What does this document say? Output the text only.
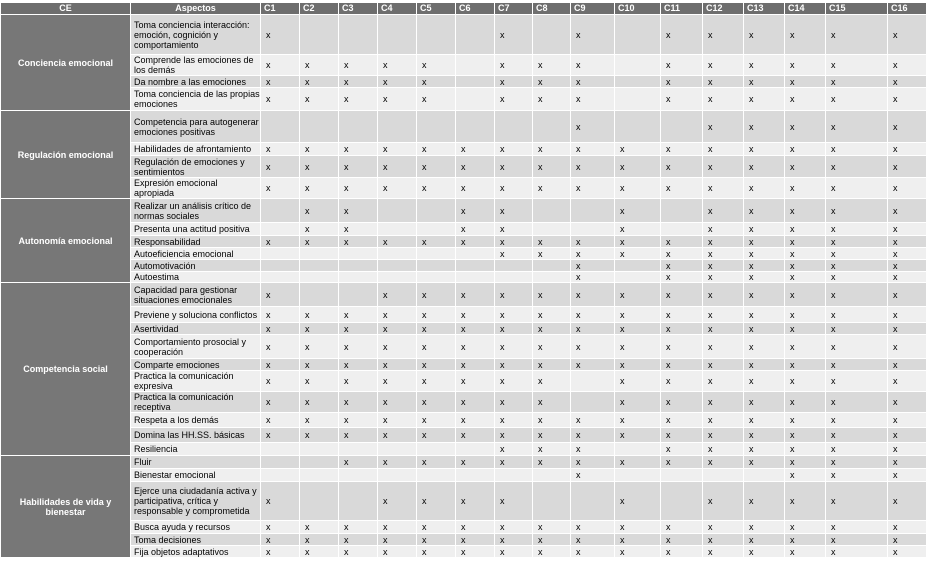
CE	Aspectos	C1	C2	C3	C4	C5	C6	C7	C8	C9	C10	C11	C12	C13	C14	C15	C16
Conciencia emocional	Toma conciencia interacción: emoción, cognición y comportamiento	x						x		x		x	x	x	x	x	x
	Comprende las emociones de los demás	x	x	x	x	x		x	x	x		x	x	x	x	x	x
	Da nombre a las emociones	x	x	x	x	x		x	x	x		x	x	x	x	x	x
	Toma conciencia de las propias emociones	x	x	x	x	x		x	x	x		x	x	x	x	x	x
Regulación emocional	Competencia para autogenerar emociones positivas									x			x	x	x	x	x
	Habilidades de afrontamiento	x	x	x	x	x	x	x	x	x	x	x	x	x	x	x	x
	Regulación de emociones y sentimientos	x	x	x	x	x	x	x	x	x	x	x	x	x	x	x	x
	Expresión emocional apropiada	x	x	x	x	x	x	x	x	x	x	x	x	x	x	x	x
Autonomía emocional	Realizar un análisis crítico de normas sociales		x	x			x	x			x		x	x	x	x	x
	Presenta una actitud positiva		x	x			x	x			x		x	x	x	x	x
	Responsabilidad	x	x	x	x	x	x	x	x	x	x	x	x	x	x	x	x
	Autoeficiencia emocional							x	x	x	x	x	x	x	x	x	x
	Automotivación									x		x	x	x	x	x	x
	Autoestima									x		x	x	x	x	x	x
Competencia social	Capacidad para gestionar situaciones emocionales	x			x	x	x	x	x	x	x	x	x	x	x	x	x
	Previene y soluciona conflictos	x	x	x	x	x	x	x	x	x	x	x	x	x	x	x	x
	Asertividad	x	x	x	x	x	x	x	x	x	x	x	x	x	x	x	x
	Comportamiento prosocial y cooperación	x	x	x	x	x	x	x	x	x	x	x	x	x	x	x	x
	Comparte emociones	x	x	x	x	x	x	x	x	x	x	x	x	x	x	x	x
	Practica la comunicación expresiva	x	x	x	x	x	x	x	x		x	x	x	x	x	x	x
	Practica la comunicación receptiva	x	x	x	x	x	x	x	x		x	x	x	x	x	x	x
	Respeta a los demás	x	x	x	x	x	x	x	x	x	x	x	x	x	x	x	x
	Domina las HH.SS. básicas	x	x	x	x	x	x	x	x	x	x	x	x	x	x	x	x
	Resiliencia							x	x	x		x	x	x	x	x	x
Habilidades de vida y bienestar	Fluir			x	x	x	x	x	x	x	x	x	x	x	x	x	x
	Bienestar emocional									x					x	x	x
	Ejerce una ciudadanía activa y participativa, crítica y responsable y comprometida	x			x	x	x	x			x		x	x	x	x	x
	Busca ayuda y recursos	x	x	x	x	x	x	x	x	x	x	x	x	x	x	x	x
	Toma decisiones	x	x	x	x	x	x	x	x	x	x	x	x	x	x	x	x
	Fija objetos adaptativos	x	x	x	x	x	x	x	x	x	x	x	x	x	x	x	x
